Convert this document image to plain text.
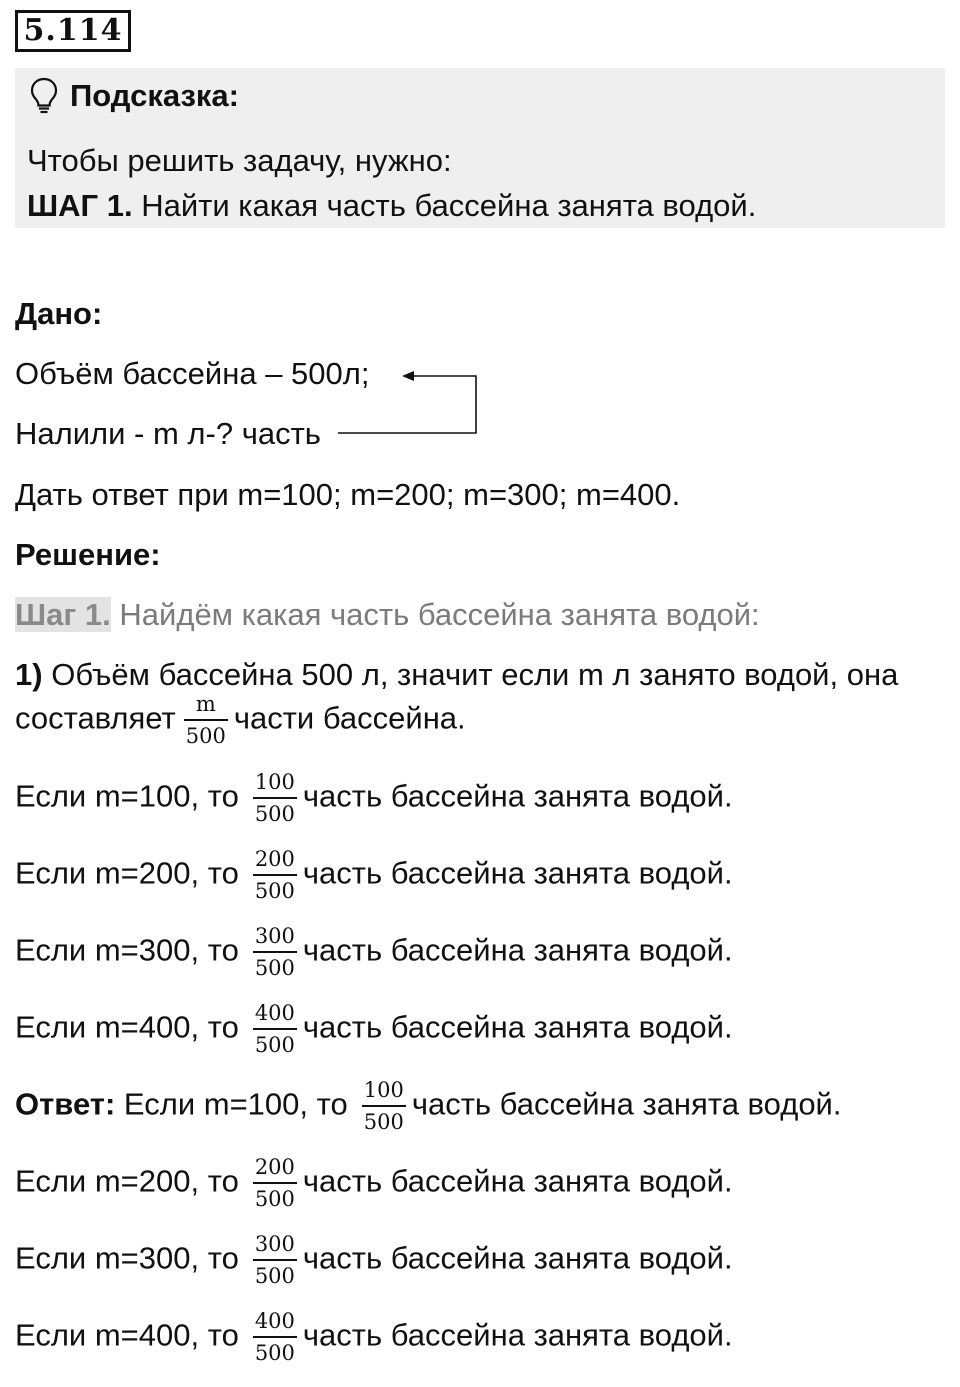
5.114
Подсказка:
Чтобы решить задачу, нужно:
ШАГ 1. Найти какая часть бассейна занята водой.
Дано:
Объём бассейна – 500л;
Налили - m л-? часть
Дать ответ при m=100; m=200; m=300; m=400.
Решение:
Шаг 1. Найдём какая часть бассейна занята водой:
1) Объём бассейна 500 л, значит если m л занято водой, она
составляет $\frac{m}{500}$ части бассейна.
Если m=100, то $\frac{100}{500}$ часть бассейна занята водой.
Если m=200, то $\frac{200}{500}$ часть бассейна занята водой.
Если m=300, то $\frac{300}{500}$ часть бассейна занята водой.
Если m=400, то $\frac{400}{500}$ часть бассейна занята водой.
Ответ: Если m=100, то $\frac{100}{500}$ часть бассейна занята водой.
Если m=200, то $\frac{200}{500}$ часть бассейна занята водой.
Если m=300, то $\frac{300}{500}$ часть бассейна занята водой.
Если m=400, то $\frac{400}{500}$ часть бассейна занята водой.
